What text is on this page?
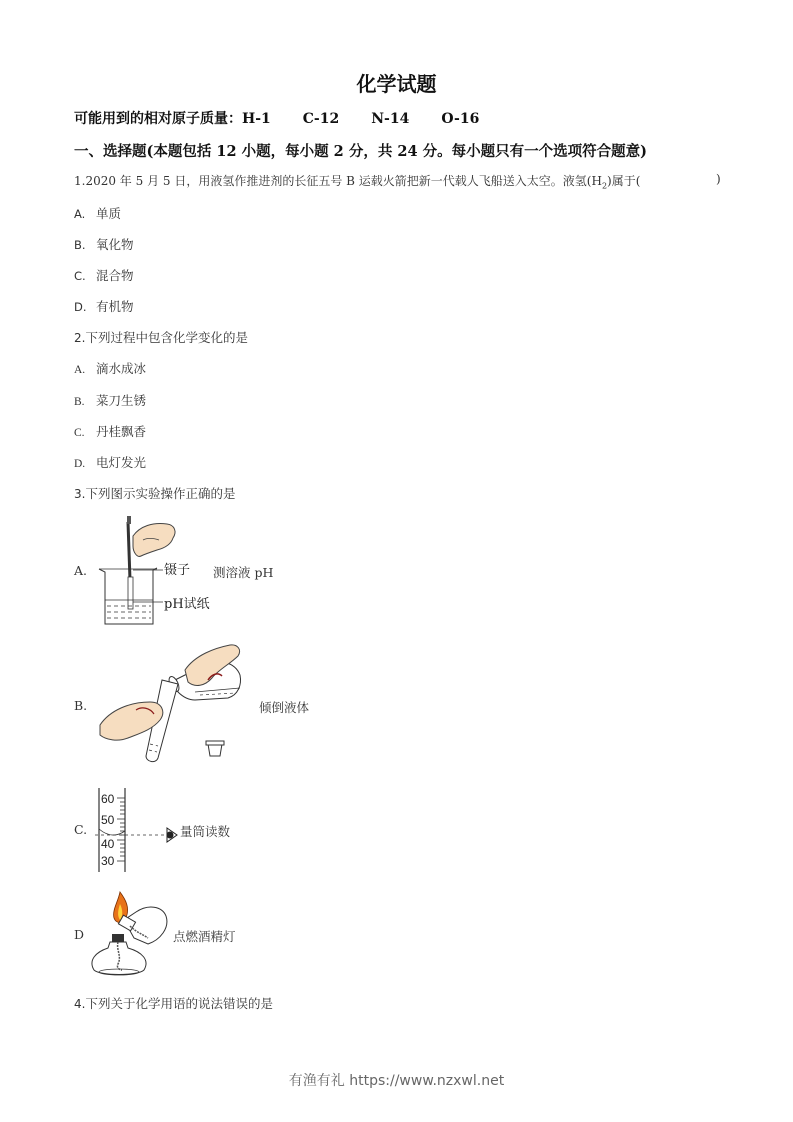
化学试题
可能用到的相对原子质量：H-1 C-12 N-14 O-16
一、选择题(本题包括 12 小题，每小题 2 分，共 24 分。每小题只有一个选项符合题意)
1.2020 年 5 月 5 日，用液氢作推进剂的长征五号 B 运载火箭把新一代载人飞船送入太空。液氢$(H_2)$属于(	)
A. 单质
B. 氧化物
C. 混合物
D. 有机物
2.下列过程中包含化学变化的是
A. 滴水成冰
B. 菜刀生锈
C. 丹桂飘香
D. 电灯发光
3.下列图示实验操作正确的是
A.	镊子
pH试纸
测溶液 pH
B.	倾倒液体
C.
60
50
40
30
量筒读数
D	点燃酒精灯
4.下列关于化学用语的说法错误的是
有渔有礼 https://www.nzxwl.net
